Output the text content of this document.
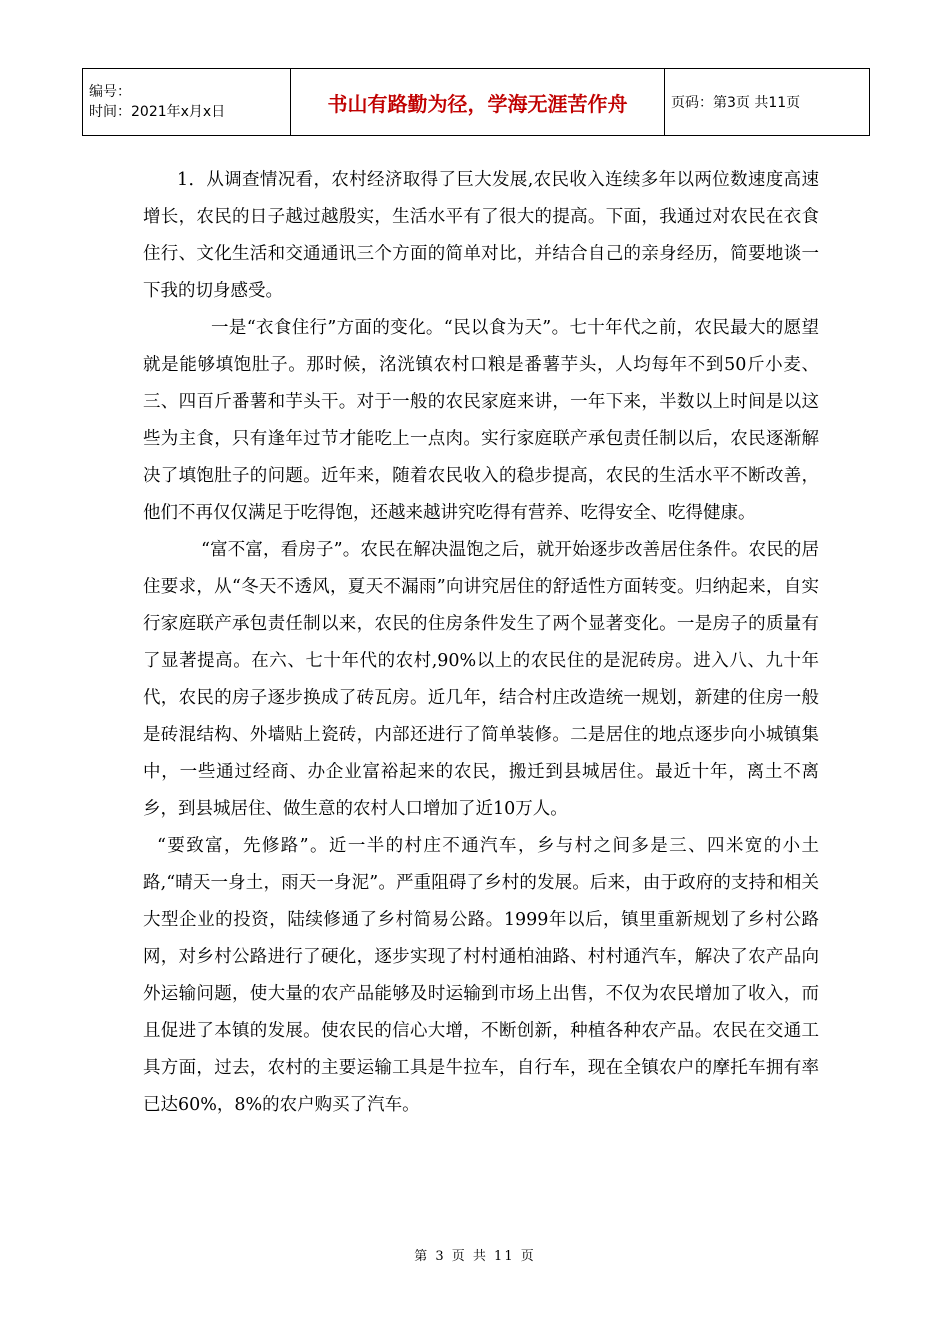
编号：
时间：2021年x月x日	书山有路勤为径，学海无涯苦作舟	页码：第3页 共11页

1．从调查情况看，农村经济取得了巨大发展,农民收入连续多年以两位数速度高速增长，农民的日子越过越殷实，生活水平有了很大的提高。下面，我通过对农民在衣食住行、文化生活和交通通讯三个方面的简单对比，并结合自己的亲身经历，简要地谈一下我的切身感受。

一是“衣食住行”方面的变化。“民以食为天”。七十年代之前，农民最大的愿望就是能够填饱肚子。那时候，洺洸镇农村口粮是番薯芋头，人均每年不到50斤小麦、三、四百斤番薯和芋头干。对于一般的农民家庭来讲，一年下来，半数以上时间是以这些为主食，只有逢年过节才能吃上一点肉。实行家庭联产承包责任制以后，农民逐渐解决了填饱肚子的问题。近年来，随着农民收入的稳步提高，农民的生活水平不断改善，他们不再仅仅满足于吃得饱，还越来越讲究吃得有营养、吃得安全、吃得健康。

“富不富，看房子”。农民在解决温饱之后，就开始逐步改善居住条件。农民的居住要求，从“冬天不透风，夏天不漏雨”向讲究居住的舒适性方面转变。归纳起来，自实行家庭联产承包责任制以来，农民的住房条件发生了两个显著变化。一是房子的质量有了显著提高。在六、七十年代的农村,90%以上的农民住的是泥砖房。进入八、九十年代，农民的房子逐步换成了砖瓦房。近几年，结合村庄改造统一规划，新建的住房一般是砖混结构、外墙贴上瓷砖，内部还进行了简单装修。二是居住的地点逐步向小城镇集中，一些通过经商、办企业富裕起来的农民，搬迁到县城居住。最近十年，离土不离乡，到县城居住、做生意的农村人口增加了近10万人。

“要致富，先修路”。近一半的村庄不通汽车，乡与村之间多是三、四米宽的小土路,“晴天一身土，雨天一身泥”。严重阻碍了乡村的发展。后来，由于政府的支持和相关大型企业的投资，陆续修通了乡村简易公路。1999年以后，镇里重新规划了乡村公路网，对乡村公路进行了硬化，逐步实现了村村通柏油路、村村通汽车，解决了农产品向外运输问题，使大量的农产品能够及时运输到市场上出售，不仅为农民增加了收入，而且促进了本镇的发展。使农民的信心大增，不断创新，种植各种农产品。农民在交通工具方面，过去，农村的主要运输工具是牛拉车，自行车，现在全镇农户的摩托车拥有率已达60%，8%的农户购买了汽车。

第 3 页 共 11 页
